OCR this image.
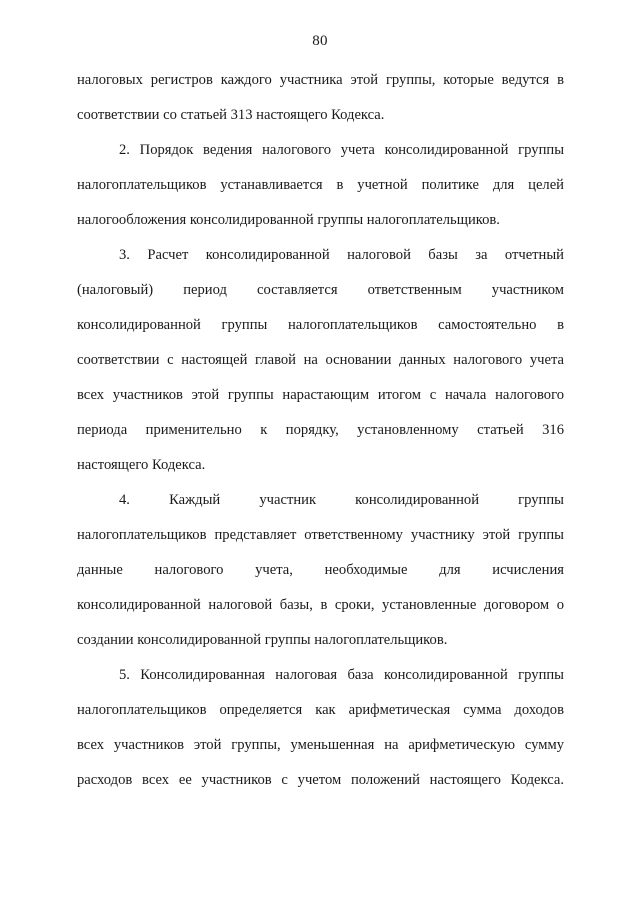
80
налоговых регистров каждого участника этой группы, которые ведутся в
соответствии со статьей 313 настоящего Кодекса.
2. Порядок ведения налогового учета консолидированной группы
налогоплательщиков устанавливается в учетной политике для целей
налогообложения консолидированной группы налогоплательщиков.
3. Расчет консолидированной налоговой базы за отчетный
(налоговый) период составляется ответственным участником
консолидированной группы налогоплательщиков самостоятельно в
соответствии с настоящей главой на основании данных налогового учета
всех участников этой группы нарастающим итогом с начала налогового
периода применительно к порядку, установленному статьей 316
настоящего Кодекса.
4. Каждый участник консолидированной группы
налогоплательщиков представляет ответственному участнику этой группы
данные налогового учета, необходимые для исчисления
консолидированной налоговой базы, в сроки, установленные договором о
создании консолидированной группы налогоплательщиков.
5. Консолидированная налоговая база консолидированной группы
налогоплательщиков определяется как арифметическая сумма доходов
всех участников этой группы, уменьшенная на арифметическую сумму
расходов всех ее участников с учетом положений настоящего Кодекса.
